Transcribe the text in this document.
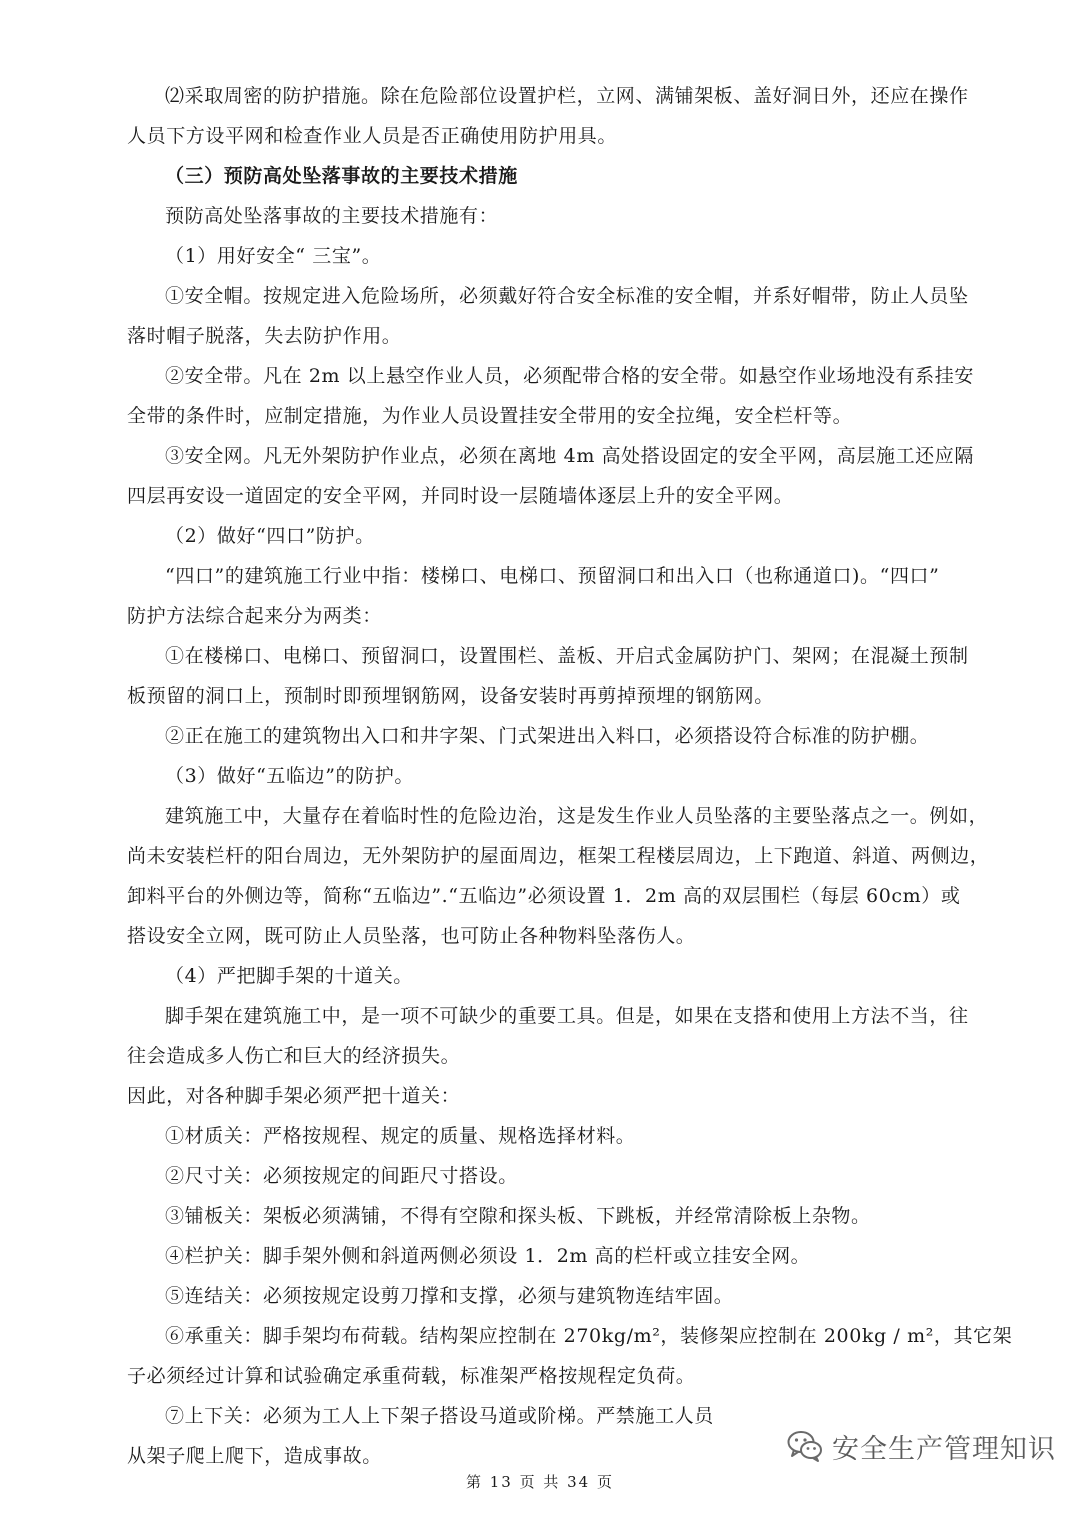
⑵采取周密的防护措施。除在危险部位设置护栏，立网、满铺架板、盖好洞日外，还应在操作
人员下方设平网和检查作业人员是否正确使用防护用具。
（三）预防高处坠落事故的主要技术措施
预防高处坠落事故的主要技术措施有：
（1）用好安全“ 三宝”。
①安全帽。按规定进入危险场所，必须戴好符合安全标准的安全帽，并系好帽带，防止人员坠
落时帽子脱落，失去防护作用。
②安全带。凡在 2m 以上悬空作业人员，必须配带合格的安全带。如悬空作业场地没有系挂安
全带的条件时，应制定措施，为作业人员设置挂安全带用的安全拉绳，安全栏杆等。
③安全网。凡无外架防护作业点，必须在离地 4m 高处搭设固定的安全平网，高层施工还应隔
四层再安设一道固定的安全平网，并同时设一层随墙体逐层上升的安全平网。
（2）做好“四口”防护。
“四口”的建筑施工行业中指：楼梯口、电梯口、预留洞口和出入口（也称通道口)。“四口”
防护方法综合起来分为两类：
①在楼梯口、电梯口、预留洞口，设置围栏、盖板、开启式金属防护门、架网；在混凝土预制
板预留的洞口上，预制时即预埋钢筋网，设备安装时再剪掉预埋的钢筋网。
②正在施工的建筑物出入口和井字架、门式架进出入料口，必须搭设符合标准的防护棚。
（3）做好“五临边”的防护。
建筑施工中，大量存在着临时性的危险边治，这是发生作业人员坠落的主要坠落点之一。例如，
尚未安装栏杆的阳台周边，无外架防护的屋面周边，框架工程楼层周边，上下跑道、斜道、两侧边，
卸料平台的外侧边等，简称“五临边”.“五临边”必须设置 1．2m 高的双层围栏（每层 60cm）或
搭设安全立网，既可防止人员坠落，也可防止各种物料坠落伤人。
（4）严把脚手架的十道关。
脚手架在建筑施工中，是一项不可缺少的重要工具。但是，如果在支搭和使用上方法不当，往
往会造成多人伤亡和巨大的经济损失。
因此，对各种脚手架必须严把十道关：
①材质关：严格按规程、规定的质量、规格选择材料。
②尺寸关：必须按规定的间距尺寸搭设。
③铺板关：架板必须满铺，不得有空隙和探头板、下跳板，并经常清除板上杂物。
④栏护关：脚手架外侧和斜道两侧必须设 1．2m 高的栏杆或立挂安全网。
⑤连结关：必须按规定设剪刀撑和支撑，必须与建筑物连结牢固。
⑥承重关：脚手架均布荷载。结构架应控制在 270kg/m²，装修架应控制在 200kg / m²，其它架
子必须经过计算和试验确定承重荷载，标准架严格按规程定负荷。
⑦上下关：必须为工人上下架子搭设马道或阶梯。严禁施工人员
从架子爬上爬下，造成事故。
第 13 页 共 34 页
安全生产管理知识
